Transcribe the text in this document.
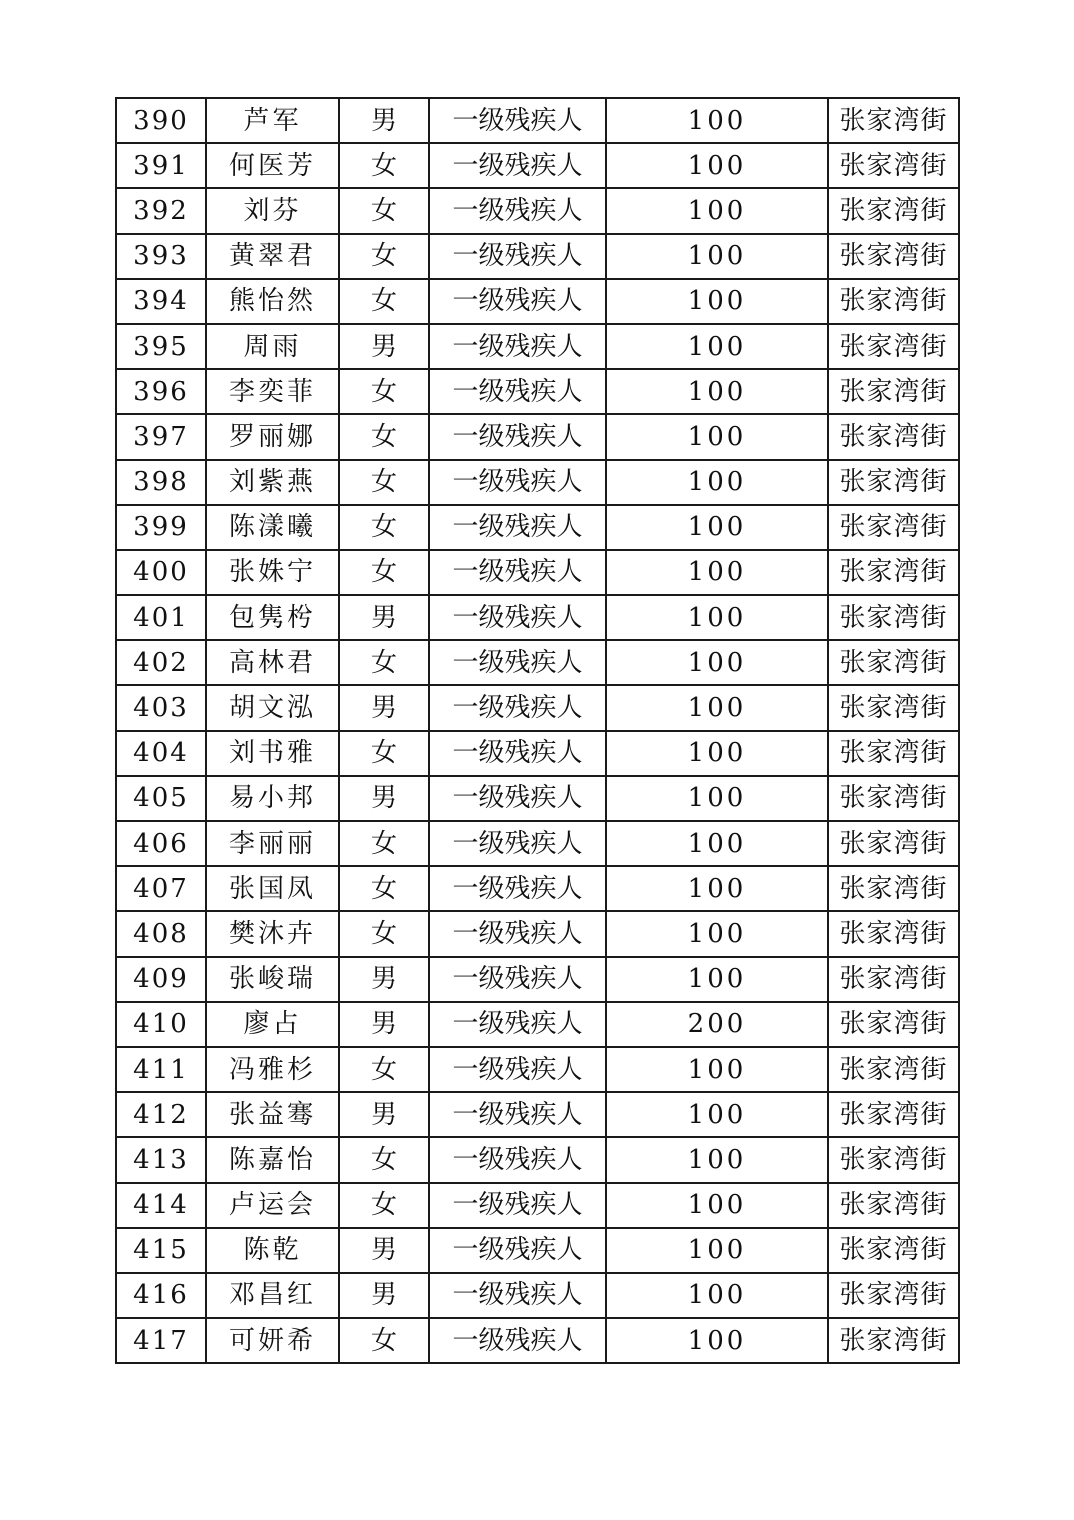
390	芦军	男	一级残疾人	100	张家湾街
391	何医芳	女	一级残疾人	100	张家湾街
392	刘芬	女	一级残疾人	100	张家湾街
393	黄翠君	女	一级残疾人	100	张家湾街
394	熊怡然	女	一级残疾人	100	张家湾街
395	周雨	男	一级残疾人	100	张家湾街
396	李奕菲	女	一级残疾人	100	张家湾街
397	罗丽娜	女	一级残疾人	100	张家湾街
398	刘紫燕	女	一级残疾人	100	张家湾街
399	陈漾曦	女	一级残疾人	100	张家湾街
400	张姝宁	女	一级残疾人	100	张家湾街
401	包隽枍	男	一级残疾人	100	张家湾街
402	高林君	女	一级残疾人	100	张家湾街
403	胡文泓	男	一级残疾人	100	张家湾街
404	刘书雅	女	一级残疾人	100	张家湾街
405	易小邦	男	一级残疾人	100	张家湾街
406	李丽丽	女	一级残疾人	100	张家湾街
407	张国凤	女	一级残疾人	100	张家湾街
408	樊沐卉	女	一级残疾人	100	张家湾街
409	张峻瑞	男	一级残疾人	100	张家湾街
410	廖占	男	一级残疾人	200	张家湾街
411	冯雅杉	女	一级残疾人	100	张家湾街
412	张益骞	男	一级残疾人	100	张家湾街
413	陈嘉怡	女	一级残疾人	100	张家湾街
414	卢运会	女	一级残疾人	100	张家湾街
415	陈乾	男	一级残疾人	100	张家湾街
416	邓昌红	男	一级残疾人	100	张家湾街
417	可妍希	女	一级残疾人	100	张家湾街
